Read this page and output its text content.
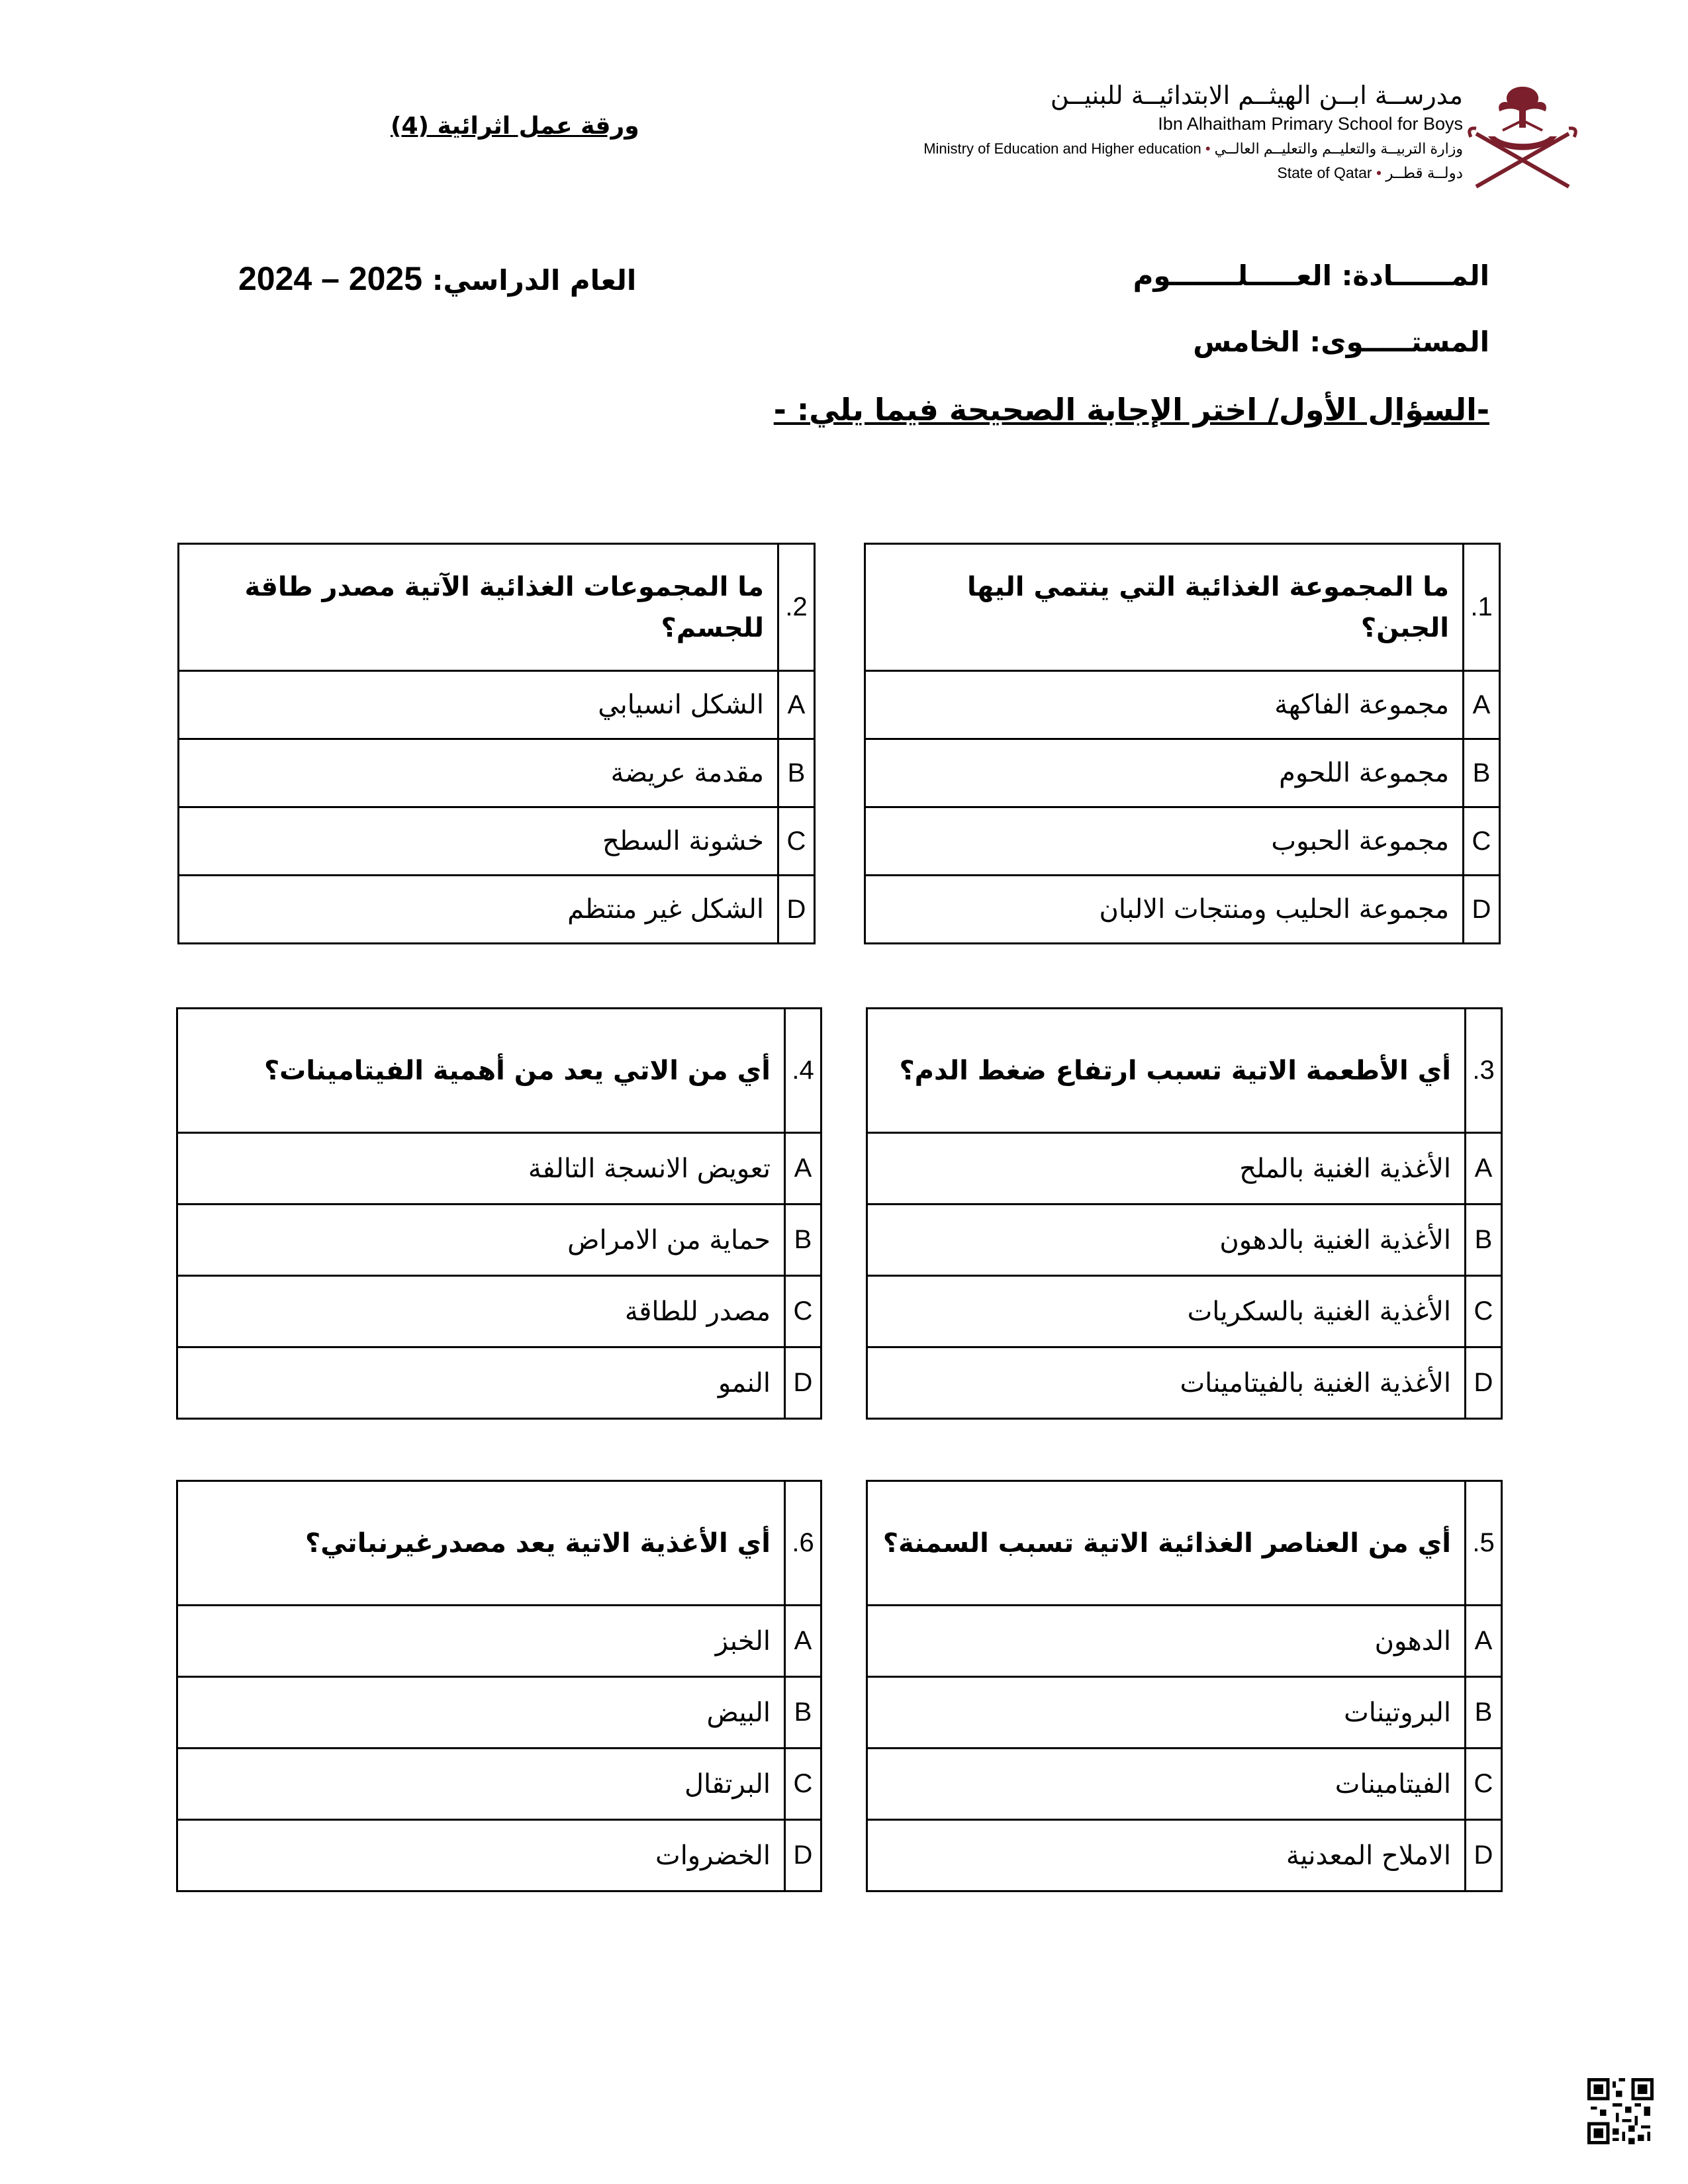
مدرســة ابــن الهيثــم الابتدائيــة للبنيــن
Ibn Alhaitham Primary School for Boys
Ministry of Education and Higher education • وزارة التربيــة والتعليــم والتعليــم العالــي
State of Qatar • دولــة قطــر
ورقة عمل اثرائية (4)
المــــــادة: العـــــلـــــــوم
المستـــــوى: الخامس
العام الدراسي: 2024 – 2025
-السؤال الأول/ اختر الإجابة الصحيحة فيما يلي: -
1.	ما المجموعة الغذائية التي ينتمي اليها الجبن؟
A	مجموعة الفاكهة
B	مجموعة اللحوم
C	مجموعة الحبوب
D	مجموعة الحليب ومنتجات الالبان
2.	ما المجموعات الغذائية الآتية مصدر طاقة للجسم؟
A	الشكل انسيابي
B	مقدمة عريضة
C	خشونة السطح
D	الشكل غير منتظم
3.	أي الأطعمة الاتية تسبب ارتفاع ضغط الدم؟
A	الأغذية الغنية بالملح
B	الأغذية الغنية بالدهون
C	الأغذية الغنية بالسكريات
D	الأغذية الغنية بالفيتامينات
4.	أي من الاتي يعد من أهمية الفيتامينات؟
A	تعويض الانسجة التالفة
B	حماية من الامراض
C	مصدر للطاقة
D	النمو
5.	أي من العناصر الغذائية الاتية تسبب السمنة؟
A	الدهون
B	البروتينات
C	الفيتامينات
D	الاملاح المعدنية
6.	أي الأغذية الاتية يعد مصدرغيرنباتي؟
A	الخبز
B	البيض
C	البرتقال
D	الخضروات
